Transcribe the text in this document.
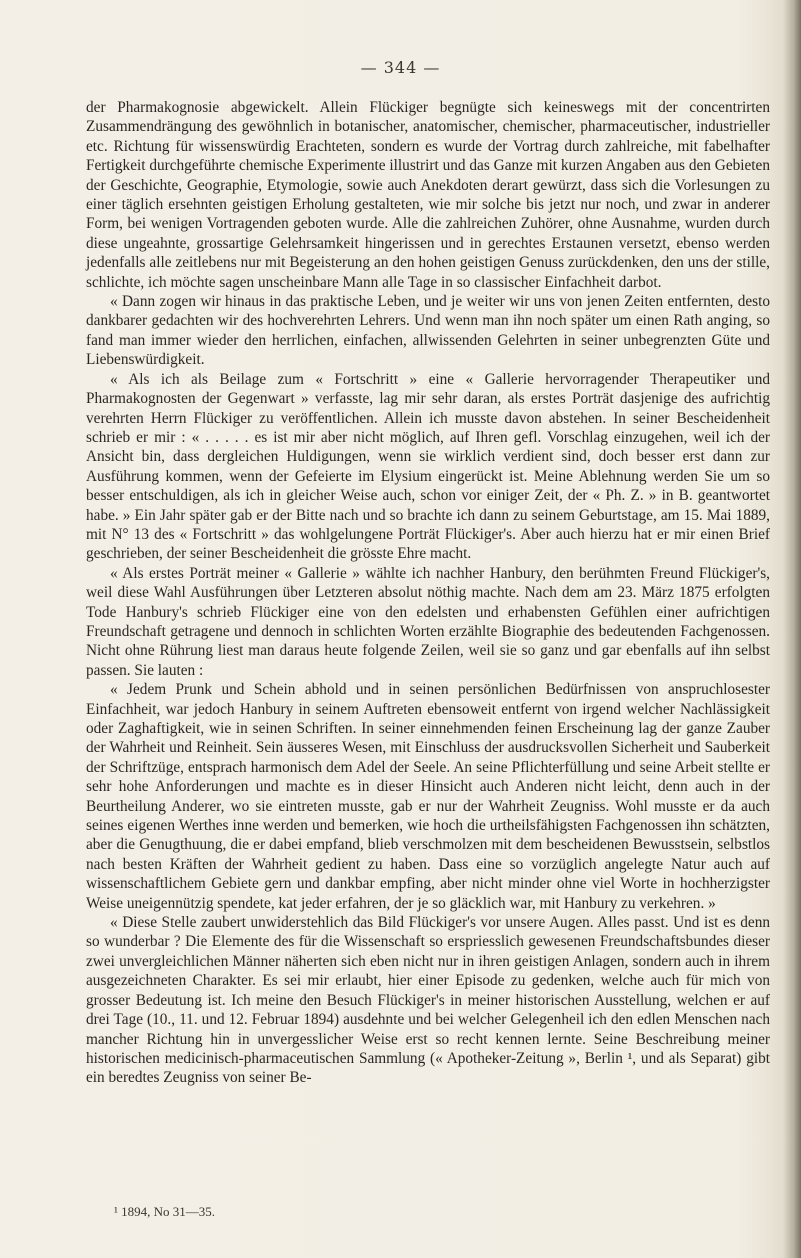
— 344 —

der Pharmakognosie abgewickelt. Allein Flückiger begnügte sich keineswegs mit der concentrirten Zusammendrängung des gewöhnlich in botanischer, anatomischer, chemischer, pharmaceutischer, industrieller etc. Richtung für wissenswürdig Erachteten, sondern es wurde der Vortrag durch zahlreiche, mit fabelhafter Fertigkeit durchgeführte chemische Experimente illustrirt und das Ganze mit kurzen Angaben aus den Gebieten der Geschichte, Geographie, Etymologie, sowie auch Anekdoten derart gewürzt, dass sich die Vorlesungen zu einer täglich ersehnten geistigen Erholung gestalteten, wie mir solche bis jetzt nur noch, und zwar in anderer Form, bei wenigen Vortragenden geboten wurde. Alle die zahlreichen Zuhörer, ohne Ausnahme, wurden durch diese ungeahnte, grossartige Gelehrsamkeit hingerissen und in gerechtes Erstaunen versetzt, ebenso werden jedenfalls alle zeitlebens nur mit Begeisterung an den hohen geistigen Genuss zurückdenken, den uns der stille, schlichte, ich möchte sagen unscheinbare Mann alle Tage in so classischer Einfachheit darbot.

« Dann zogen wir hinaus in das praktische Leben, und je weiter wir uns von jenen Zeiten entfernten, desto dankbarer gedachten wir des hochverehrten Lehrers. Und wenn man ihn noch später um einen Rath anging, so fand man immer wieder den herrlichen, einfachen, allwissenden Gelehrten in seiner unbegrenzten Güte und Liebenswürdigkeit.

« Als ich als Beilage zum « Fortschritt » eine « Gallerie hervorragender Therapeutiker und Pharmakognosten der Gegenwart » verfasste, lag mir sehr daran, als erstes Porträt dasjenige des aufrichtig verehrten Herrn Flückiger zu veröffentlichen. Allein ich musste davon abstehen. In seiner Bescheidenheit schrieb er mir : « . . . . . es ist mir aber nicht möglich, auf Ihren gefl. Vorschlag einzugehen, weil ich der Ansicht bin, dass dergleichen Huldigungen, wenn sie wirklich verdient sind, doch besser erst dann zur Ausführung kommen, wenn der Gefeierte im Elysium eingerückt ist. Meine Ablehnung werden Sie um so besser entschuldigen, als ich in gleicher Weise auch, schon vor einiger Zeit, der « Ph. Z. » in B. geantwortet habe. » Ein Jahr später gab er der Bitte nach und so brachte ich dann zu seinem Geburtstage, am 15. Mai 1889, mit N° 13 des « Fortschritt » das wohlgelungene Porträt Flückiger's. Aber auch hierzu hat er mir einen Brief geschrieben, der seiner Bescheidenheit die grösste Ehre macht.

« Als erstes Porträt meiner « Gallerie » wählte ich nachher Hanbury, den berühmten Freund Flückiger's, weil diese Wahl Ausführungen über Letzteren absolut nöthig machte. Nach dem am 23. März 1875 erfolgten Tode Hanbury's schrieb Flückiger eine von den edelsten und erhabensten Gefühlen einer aufrichtigen Freundschaft getragene und dennoch in schlichten Worten erzählte Biographie des bedeutenden Fachgenossen. Nicht ohne Rührung liest man daraus heute folgende Zeilen, weil sie so ganz und gar ebenfalls auf ihn selbst passen. Sie lauten :

« Jedem Prunk und Schein abhold und in seinen persönlichen Bedürfnissen von anspruchlosester Einfachheit, war jedoch Hanbury in seinem Auftreten ebensoweit entfernt von irgend welcher Nachlässigkeit oder Zaghaftigkeit, wie in seinen Schriften. In seiner einnehmenden feinen Erscheinung lag der ganze Zauber der Wahrheit und Reinheit. Sein äusseres Wesen, mit Einschluss der ausdrucksvollen Sicherheit und Sauberkeit der Schriftzüge, entsprach harmonisch dem Adel der Seele. An seine Pflichterfüllung und seine Arbeit stellte er sehr hohe Anforderungen und machte es in dieser Hinsicht auch Anderen nicht leicht, denn auch in der Beurtheilung Anderer, wo sie eintreten musste, gab er nur der Wahrheit Zeugniss. Wohl musste er da auch seines eigenen Werthes inne werden und bemerken, wie hoch die urtheilsfähigsten Fachgenossen ihn schätzten, aber die Genugthuung, die er dabei empfand, blieb verschmolzen mit dem bescheidenen Bewusstsein, selbstlos nach besten Kräften der Wahrheit gedient zu haben. Dass eine so vorzüglich angelegte Natur auch auf wissenschaftlichem Gebiete gern und dankbar empfing, aber nicht minder ohne viel Worte in hochherzigster Weise uneigennützig spendete, kat jeder erfahren, der je so gläcklich war, mit Hanbury zu verkehren. »

« Diese Stelle zaubert unwiderstehlich das Bild Flückiger's vor unsere Augen. Alles passt. Und ist es denn so wunderbar ? Die Elemente des für die Wissenschaft so erspriesslich gewesenen Freundschaftsbundes dieser zwei unvergleichlichen Männer näherten sich eben nicht nur in ihren geistigen Anlagen, sondern auch in ihrem ausgezeichneten Charakter. Es sei mir erlaubt, hier einer Episode zu gedenken, welche auch für mich von grosser Bedeutung ist. Ich meine den Besuch Flückiger's in meiner historischen Ausstellung, welchen er auf drei Tage (10., 11. und 12. Februar 1894) ausdehnte und bei welcher Gelegenheil ich den edlen Menschen nach mancher Richtung hin in unvergesslicher Weise erst so recht kennen lernte. Seine Beschreibung meiner historischen medicinisch-pharmaceutischen Sammlung (« Apotheker-Zeitung », Berlin ¹, und als Separat) gibt ein beredtes Zeugniss von seiner Be-

¹ 1894, No 31—35.
